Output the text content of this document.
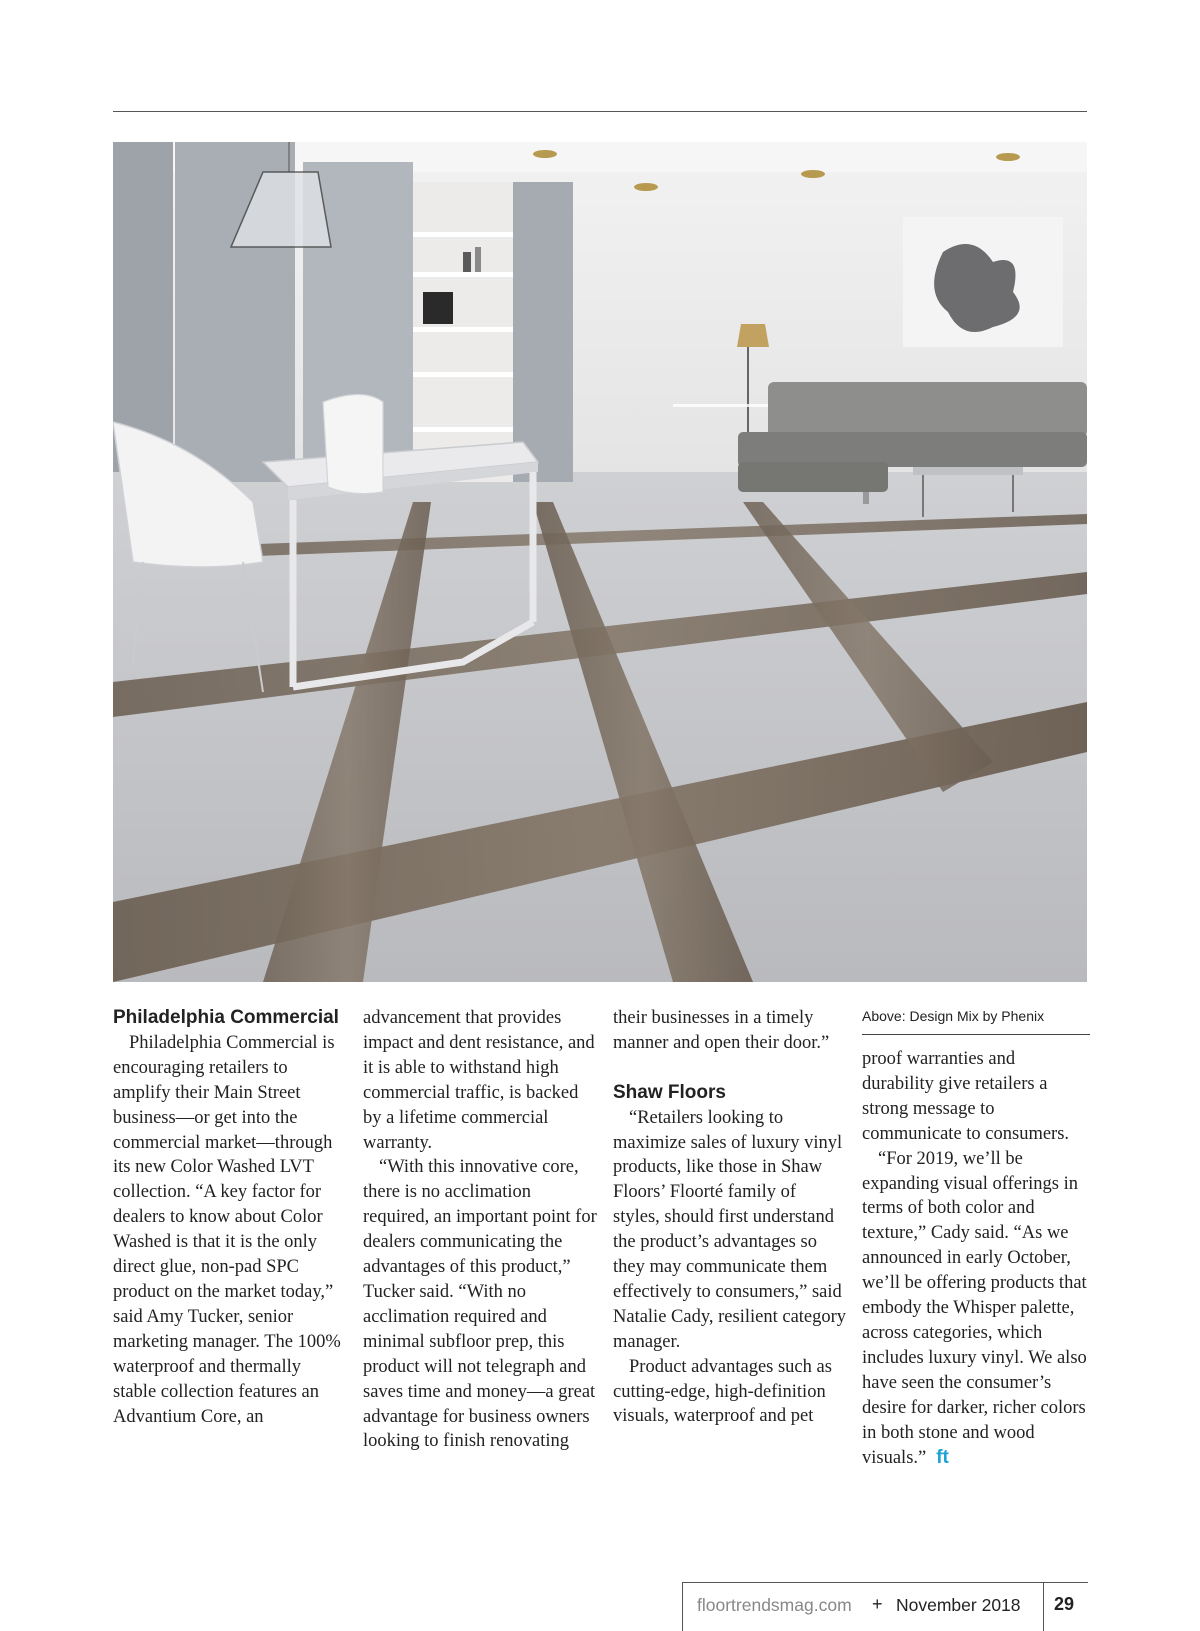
Philadelphia Commercial

Philadelphia Commercial is encouraging retailers to amplify their Main Street business—or get into the commercial market—through its new Color Washed LVT collection. “A key factor for dealers to know about Color Washed is that it is the only direct glue, non-pad SPC product on the market today,” said Amy Tucker, senior marketing manager. The 100% waterproof and thermally stable collection features an Advantium Core, an

advancement that provides impact and dent resistance, and it is able to withstand high commercial traffic, is backed by a lifetime commercial warranty.

“With this innovative core, there is no acclimation required, an important point for dealers communicating the advantages of this product,” Tucker said. “With no acclimation required and minimal subfloor prep, this product will not telegraph and saves time and money—a great advantage for business owners looking to finish renovating

their businesses in a timely manner and open their door.”

Shaw Floors

“Retailers looking to maximize sales of luxury vinyl products, like those in Shaw Floors’ Floorté family of styles, should first understand the product’s advantages so they may communicate them effectively to consumers,” said Natalie Cady, resilient category manager.

Product advantages such as cutting-edge, high-definition visuals, waterproof and pet

Above: Design Mix by Phenix

proof warranties and durability give retailers a strong message to communicate to consumers.

“For 2019, we’ll be expanding visual offerings in terms of both color and texture,” Cady said. “As we announced in early October, we’ll be offering products that embody the Whisper palette, across categories, which includes luxury vinyl. We also have seen the consumer’s desire for darker, richer colors in both stone and wood visuals.” ft

floortrendsmag.com + November 2018 29
